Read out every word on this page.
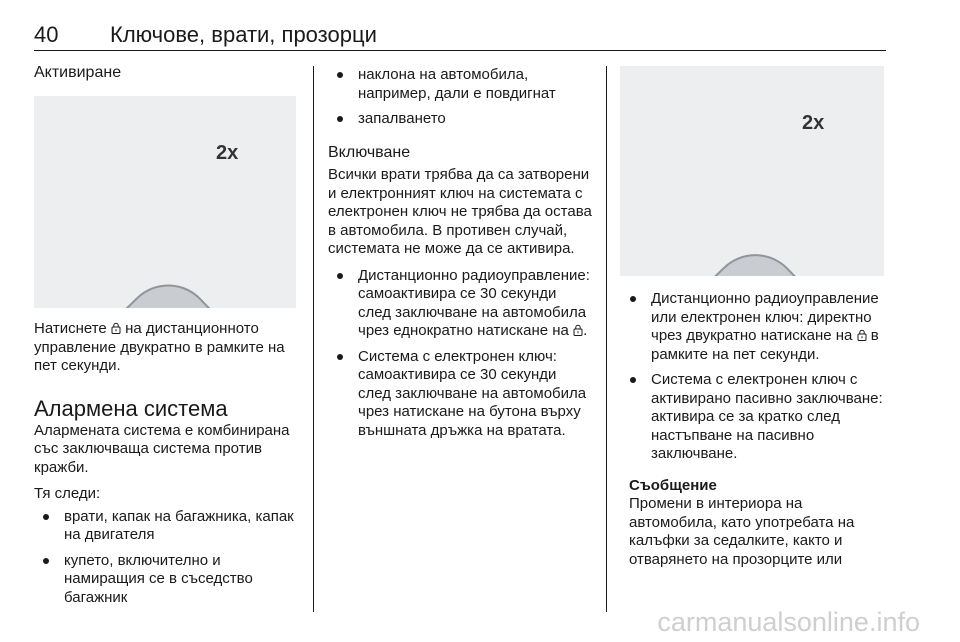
40 Ключове, врати, прозорци

Активиране

2x

Натиснете  на дистанционното управление двукратно в рамките на пет секунди.

Алармена система

Алармената система е комбинирана със заключваща система против кражби.

Тя следи:

врати, капак на багажника, капак на двигателя
купето, включително и намиращия се в съседство багажник
наклона на автомобила, например, дали е повдигнат
запалването

Включване

Всички врати трябва да са затворени и електронният ключ на системата с електронен ключ не трябва да остава в автомобила. В противен случай, системата не може да се активира.

Дистанционно радиоуправление: самоактивира се 30 секунди след заключване на автомобила чрез еднократно натискане на .
Система с електронен ключ: самоактивира се 30 секунди след заключване на автомобила чрез натискане на бутона върху външната дръжка на вратата.
2x
Дистанционно радиоуправление или електронен ключ: директно чрез двукратно натискане на  в рамките на пет секунди.
Система с електронен ключ с активирано пасивно заключване: активира се за кратко след настъпване на пасивно заключване.

Съобщение
Промени в интериора на автомобила, като употребата на калъфки за седалките, както и отварянето на прозорците или

carmanualsonline.info
